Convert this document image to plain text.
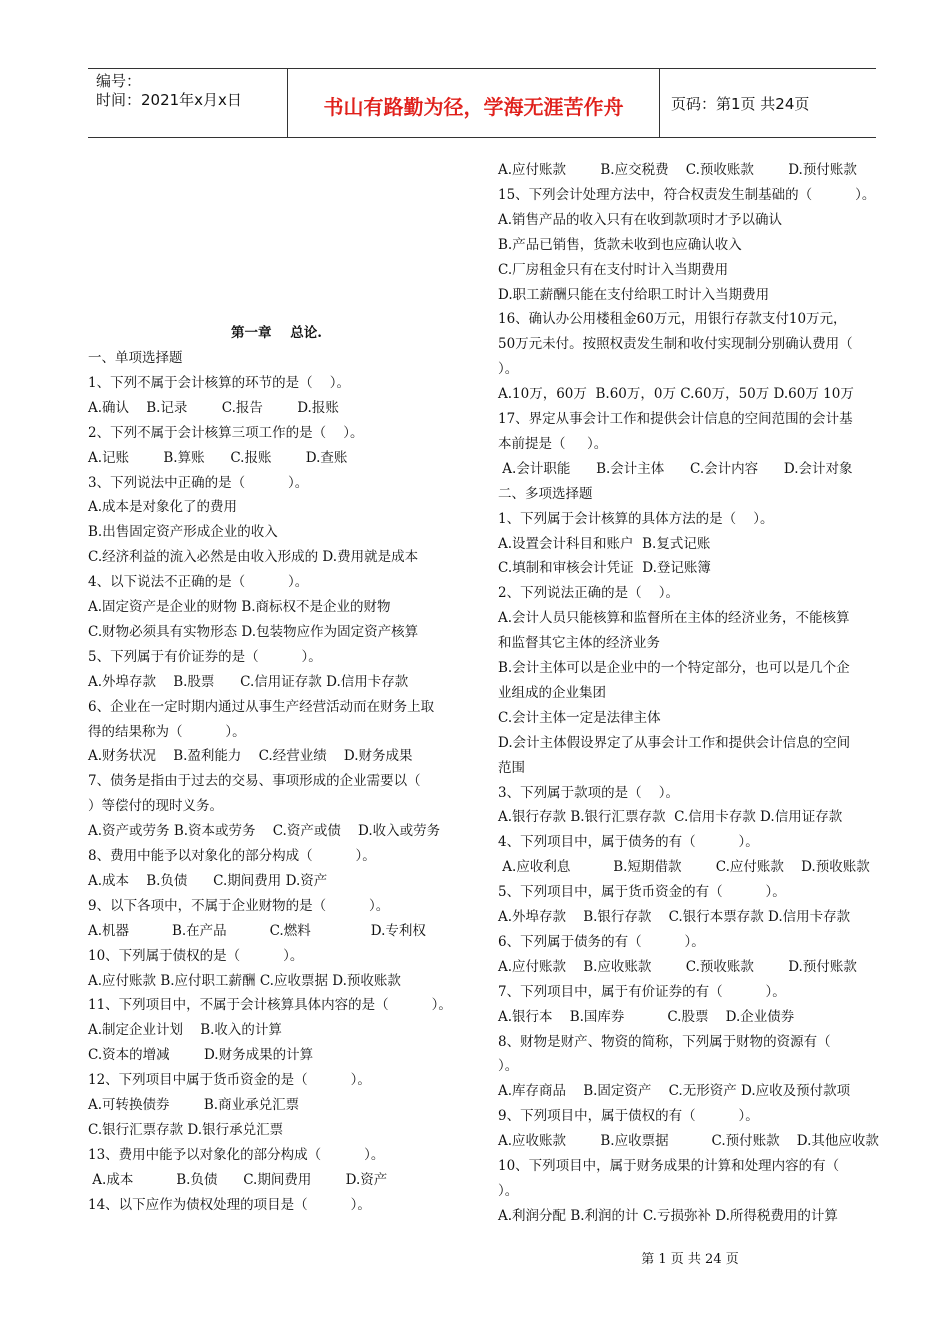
编号：
时间：2021年x月x日	书山有路勤为径，学海无涯苦作舟	页码：第1页 共24页
第一章    总论.
一、单项选择题
1、下列不属于会计核算的环节的是（    ）。
A.确认    B.记录        C.报告        D.报账
2、下列不属于会计核算三项工作的是（    ）。
A.记账        B.算账      C.报账        D.查账
3、下列说法中正确的是（          ）。
A.成本是对象化了的费用
B.出售固定资产形成企业的收入
C.经济利益的流入必然是由收入形成的 D.费用就是成本
4、以下说法不正确的是（          ）。
A.固定资产是企业的财物 B.商标权不是企业的财物
C.财物必须具有实物形态 D.包装物应作为固定资产核算
5、下列属于有价证券的是（          ）。
A.外埠存款    B.股票      C.信用证存款 D.信用卡存款
6、企业在一定时期内通过从事生产经营活动而在财务上取
得的结果称为（          ）。
A.财务状况    B.盈利能力    C.经营业绩    D.财务成果
7、债务是指由于过去的交易、事项形成的企业需要以（
）等偿付的现时义务。
A.资产或劳务 B.资本或劳务    C.资产或债    D.收入或劳务
8、费用中能予以对象化的部分构成（          ）。
A.成本    B.负债      C.期间费用 D.资产
9、以下各项中，不属于企业财物的是（          ）。
A.机器          B.在产品          C.燃料              D.专利权
10、下列属于债权的是（          ）。
A.应付账款 B.应付职工薪酬 C.应收票据 D.预收账款
11、下列项目中，不属于会计核算具体内容的是（          ）。
A.制定企业计划    B.收入的计算
C.资本的增减        D.财务成果的计算
12、下列项目中属于货币资金的是（          ）。
A.可转换债券        B.商业承兑汇票
C.银行汇票存款 D.银行承兑汇票
13、费用中能予以对象化的部分构成（          ）。
A.成本          B.负债      C.期间费用        D.资产
14、以下应作为债权处理的项目是（          ）。
A.应付账款        B.应交税费    C.预收账款        D.预付账款
15、下列会计处理方法中，符合权责发生制基础的（          ）。
A.销售产品的收入只有在收到款项时才予以确认
B.产品已销售，货款未收到也应确认收入
C.厂房租金只有在支付时计入当期费用
D.职工薪酬只能在支付给职工时计入当期费用
16、确认办公用楼租金60万元，用银行存款支付10万元，
50万元未付。按照权责发生制和收付实现制分别确认费用（
）。
A.10万，60万  B.60万，0万 C.60万，50万 D.60万 10万
17、界定从事会计工作和提供会计信息的空间范围的会计基
本前提是（     ）。
A.会计职能      B.会计主体      C.会计内容      D.会计对象
二、多项选择题
1、下列属于会计核算的具体方法的是（    ）。
A.设置会计科目和账户  B.复式记账
C.填制和审核会计凭证  D.登记账簿
2、下列说法正确的是（    ）。
A.会计人员只能核算和监督所在主体的经济业务，不能核算
和监督其它主体的经济业务
B.会计主体可以是企业中的一个特定部分，也可以是几个企
业组成的企业集团
C.会计主体一定是法律主体
D.会计主体假设界定了从事会计工作和提供会计信息的空间
范围
3、下列属于款项的是（    ）。
A.银行存款 B.银行汇票存款  C.信用卡存款 D.信用证存款
4、下列项目中，属于债务的有（          ）。
A.应收利息          B.短期借款        C.应付账款    D.预收账款
5、下列项目中，属于货币资金的有（          ）。
A.外埠存款    B.银行存款    C.银行本票存款 D.信用卡存款
6、下列属于债务的有（          ）。
A.应付账款    B.应收账款        C.预收账款        D.预付账款
7、下列项目中，属于有价证券的有（          ）。
A.银行本    B.国库券          C.股票    D.企业债券
8、财物是财产、物资的简称，下列属于财物的资源有（
）。
A.库存商品    B.固定资产    C.无形资产 D.应收及预付款项
9、下列项目中，属于债权的有（          ）。
A.应收账款        B.应收票据          C.预付账款    D.其他应收款
10、下列项目中，属于财务成果的计算和处理内容的有（
）。
A.利润分配 B.利润的计 C.亏损弥补 D.所得税费用的计算
第 1 页 共 24 页
